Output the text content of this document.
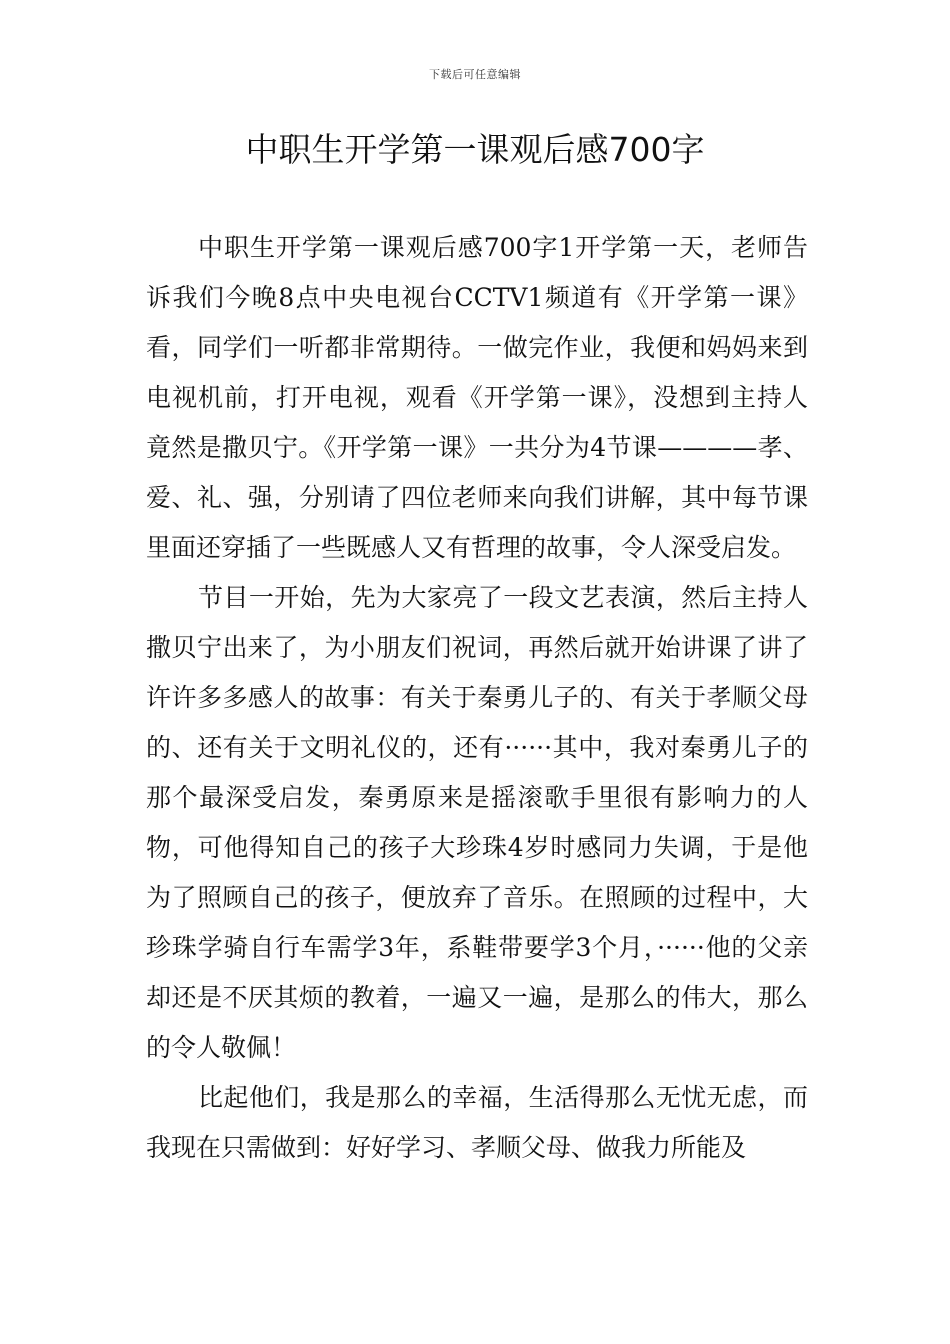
下载后可任意编辑
中职生开学第一课观后感700字

中职生开学第一课观后感700字1开学第一天，老师告诉我们今晚8点中央电视台CCTV1频道有《开学第一课》看，同学们一听都非常期待。一做完作业，我便和妈妈来到电视机前，打开电视，观看《开学第一课》，没想到主持人竟然是撒贝宁。《开学第一课》一共分为4节课————孝、爱、礼、强，分别请了四位老师来向我们讲解，其中每节课里面还穿插了一些既感人又有哲理的故事，令人深受启发。

节目一开始，先为大家亮了一段文艺表演，然后主持人撒贝宁出来了，为小朋友们祝词，再然后就开始讲课了讲了许许多多感人的故事：有关于秦勇儿子的、有关于孝顺父母的、还有关于文明礼仪的，还有······其中，我对秦勇儿子的那个最深受启发，秦勇原来是摇滚歌手里很有影响力的人物，可他得知自己的孩子大珍珠4岁时感同力失调，于是他为了照顾自己的孩子，便放弃了音乐。在照顾的过程中，大珍珠学骑自行车需学3年，系鞋带要学3个月，······他的父亲却还是不厌其烦的教着，一遍又一遍，是那么的伟大，那么的令人敬佩！

比起他们，我是那么的幸福，生活得那么无忧无虑，而我现在只需做到：好好学习、孝顺父母、做我力所能及
